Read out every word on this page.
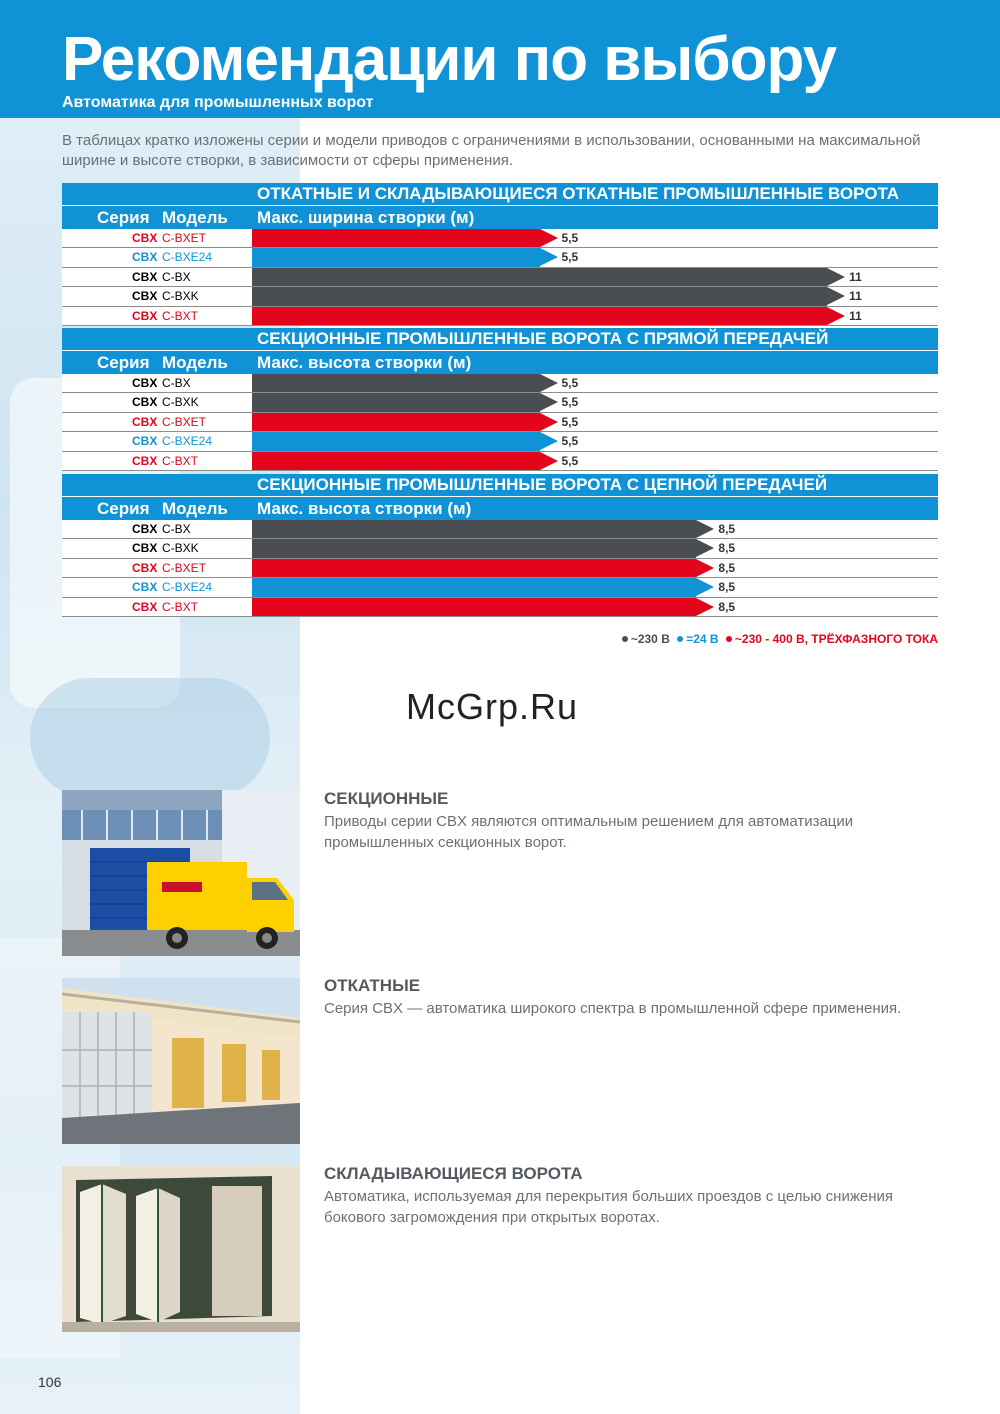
Рекомендации по выбору
Автоматика для промышленных ворот
В таблицах кратко изложены серии и модели приводов с ограничениями в использовании, основанными на максимальной ширине и высоте створки, в зависимости от сферы применения.
ОТКАТНЫЕ И СКЛАДЫВАЮЩИЕСЯ ОТКАТНЫЕ ПРОМЫШЛЕННЫЕ ВОРОТА
Серия Модель Макс. ширина створки (м)
CBX C-BXET	5,5
CBX C-BXE24	5,5
CBX C-BX	11
CBX C-BXK	11
CBX C-BXT	11
СЕКЦИОННЫЕ ПРОМЫШЛЕННЫЕ ВОРОТА С ПРЯМОЙ ПЕРЕДАЧЕЙ
Серия Модель Макс. высота створки (м)
CBX C-BX	5,5
CBX C-BXK	5,5
CBX C-BXET	5,5
CBX C-BXE24	5,5
CBX C-BXT	5,5
СЕКЦИОННЫЕ ПРОМЫШЛЕННЫЕ ВОРОТА С ЦЕПНОЙ ПЕРЕДАЧЕЙ
Серия Модель Макс. высота створки (м)
CBX C-BX	8,5
CBX C-BXK	8,5
CBX C-BXET	8,5
CBX C-BXE24	8,5
CBX C-BXT	8,5
~230 В =24 В ~230 - 400 В, ТРЁХФАЗНОГО ТОКА
McGrp.Ru
СЕКЦИОННЫЕ
Приводы серии CBX являются оптимальным решением для автоматизации промышленных секционных ворот.
ОТКАТНЫЕ
Серия CBX — автоматика широкого спектра в промышленной сфере применения.
СКЛАДЫВАЮЩИЕСЯ ВОРОТА
Автоматика, используемая для перекрытия больших проездов с целью снижения бокового загромождения при открытых воротах.
106
